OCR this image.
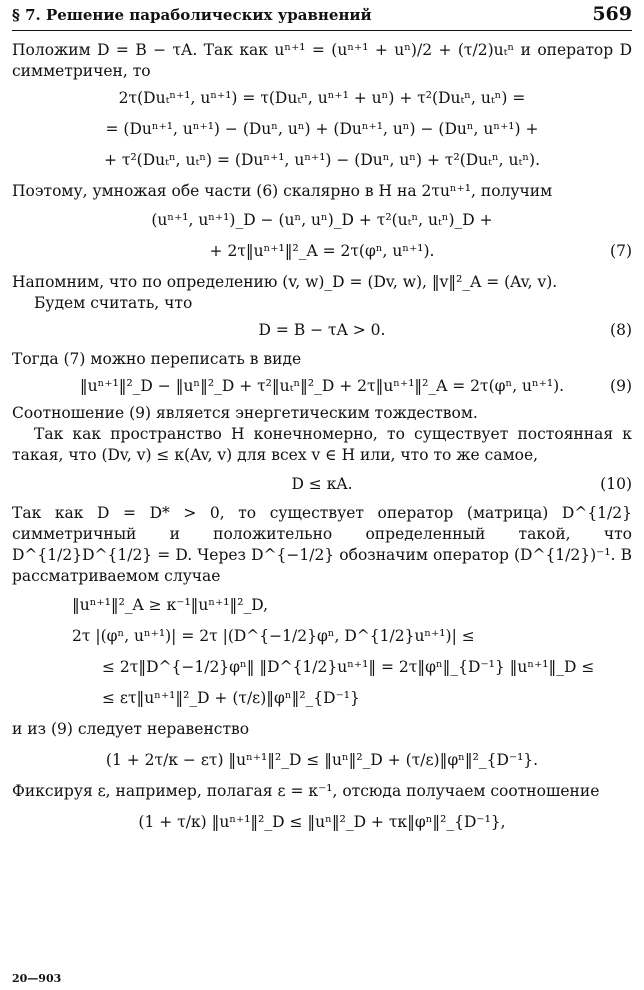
§ 7. Решение параболических уравнений	569

Положим D = B − τA. Так как uⁿ⁺¹ = (uⁿ⁺¹ + uⁿ)/2 + (τ/2)uₜⁿ и оператор D симметричен, то

2τ(Duₜⁿ⁺¹, uⁿ⁺¹) = τ(Duₜⁿ, uⁿ⁺¹ + uⁿ) + τ²(Duₜⁿ, uₜⁿ) =
= (Duⁿ⁺¹, uⁿ⁺¹) − (Duⁿ, uⁿ) + (Duⁿ⁺¹, uⁿ) − (Duⁿ, uⁿ⁺¹) +
+ τ²(Duₜⁿ, uₜⁿ) = (Duⁿ⁺¹, uⁿ⁺¹) − (Duⁿ, uⁿ) + τ²(Duₜⁿ, uₜⁿ).

Поэтому, умножая обе части (6) скалярно в H на 2τuⁿ⁺¹, получим

(uⁿ⁺¹, uⁿ⁺¹)_D − (uⁿ, uⁿ)_D + τ²(uₜⁿ, uₜⁿ)_D +
+ 2τ‖uⁿ⁺¹‖²_A = 2τ(φⁿ, uⁿ⁺¹).	(7)

Напомним, что по определению (v, w)_D = (Dv, w), ‖v‖²_A = (Av, v).

Будем считать, что

D = B − τA > 0.	(8)

Тогда (7) можно переписать в виде

‖uⁿ⁺¹‖²_D − ‖uⁿ‖²_D + τ²‖uₜⁿ‖²_D + 2τ‖uⁿ⁺¹‖²_A = 2τ(φⁿ, uⁿ⁺¹).	(9)

Соотношение (9) является энергетическим тождеством.

Так как пространство H конечномерно, то существует постоянная κ такая, что (Dv, v) ≤ κ(Av, v) для всех v ∈ H или, что то же самое,

D ≤ κA.	(10)

Так как D = D* > 0, то существует оператор (матрица) D^{1/2} симметричный и положительно определенный такой, что D^{1/2}D^{1/2} = D. Через D^{−1/2} обозначим оператор (D^{1/2})⁻¹. В рассматриваемом случае

‖uⁿ⁺¹‖²_A ≥ κ⁻¹‖uⁿ⁺¹‖²_D,
2τ |(φⁿ, uⁿ⁺¹)| = 2τ |(D^{−1/2}φⁿ, D^{1/2}uⁿ⁺¹)| ≤
≤ 2τ‖D^{−1/2}φⁿ‖ ‖D^{1/2}uⁿ⁺¹‖ = 2τ‖φⁿ‖_{D⁻¹} ‖uⁿ⁺¹‖_D ≤
≤ ετ‖uⁿ⁺¹‖²_D + (τ/ε)‖φⁿ‖²_{D⁻¹}

и из (9) следует неравенство

(1 + 2τ/κ − ετ) ‖uⁿ⁺¹‖²_D ≤ ‖uⁿ‖²_D + (τ/ε)‖φⁿ‖²_{D⁻¹}.

Фиксируя ε, например, полагая ε = κ⁻¹, отсюда получаем соотношение

(1 + τ/κ) ‖uⁿ⁺¹‖²_D ≤ ‖uⁿ‖²_D + τκ‖φⁿ‖²_{D⁻¹},
20—903
